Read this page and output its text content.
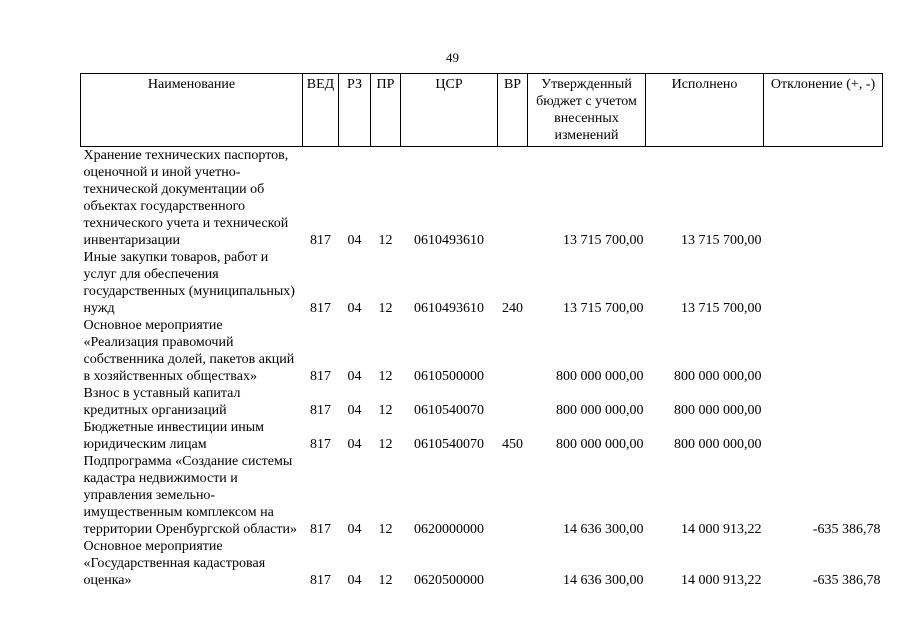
49
Наименование	ВЕД	РЗ	ПР	ЦСР	ВР	Утвержденный бюджет с учетом внесенных изменений	Исполнено	Отклонение (+, -)
Хранение технических паспортов, оценочной и иной учетно-технической документации об объектах государственного технического учета и технической инвентаризации	817	04	12	0610493610		13 715 700,00	13 715 700,00	
Иные закупки товаров, работ и услуг для обеспечения государственных (муниципальных) нужд	817	04	12	0610493610	240	13 715 700,00	13 715 700,00	
Основное мероприятие «Реализация правомочий собственника долей, пакетов акций в хозяйственных обществах»	817	04	12	0610500000		800 000 000,00	800 000 000,00	
Взнос в уставный капитал кредитных организаций	817	04	12	0610540070		800 000 000,00	800 000 000,00	
Бюджетные инвестиции иным юридическим лицам	817	04	12	0610540070	450	800 000 000,00	800 000 000,00	
Подпрограмма «Создание системы кадастра недвижимости и управления земельно-имущественным комплексом на территории Оренбургской области»	817	04	12	0620000000		14 636 300,00	14 000 913,22	-635 386,78
Основное мероприятие «Государственная кадастровая оценка»	817	04	12	0620500000		14 636 300,00	14 000 913,22	-635 386,78
